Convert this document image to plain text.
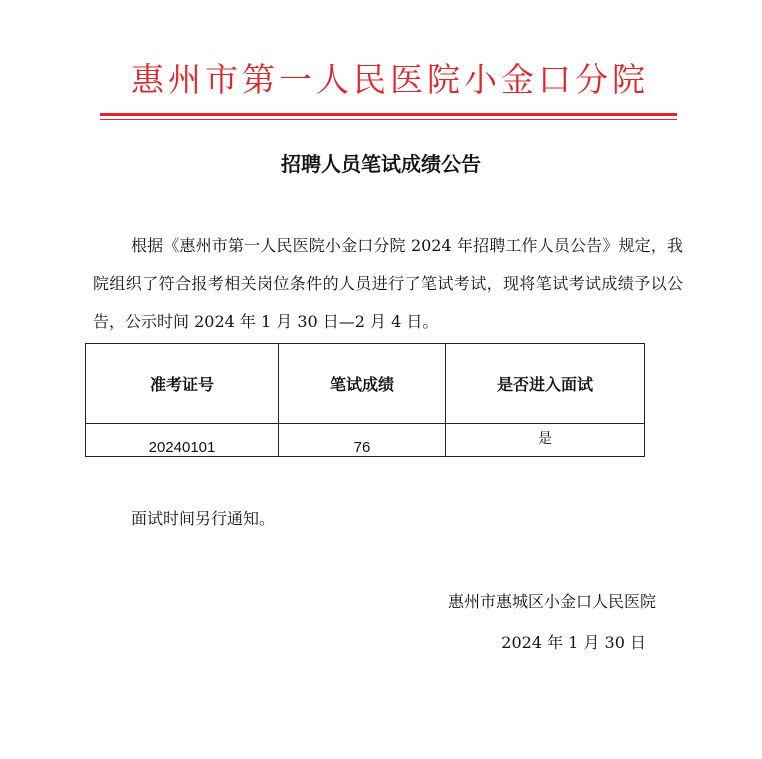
惠州市第一人民医院小金口分院
招聘人员笔试成绩公告

根据《惠州市第一人民医院小金口分院 2024 年招聘工作人员公告》规定，我院组织了符合报考相关岗位条件的人员进行了笔试考试，现将笔试考试成绩予以公告，公示时间 2024 年 1 月 30 日—2 月 4 日。

准考证号	笔试成绩	是否进入面试
20240101	76	是
面试时间另行通知。
惠州市惠城区小金口人民医院
2024 年 1 月 30 日
